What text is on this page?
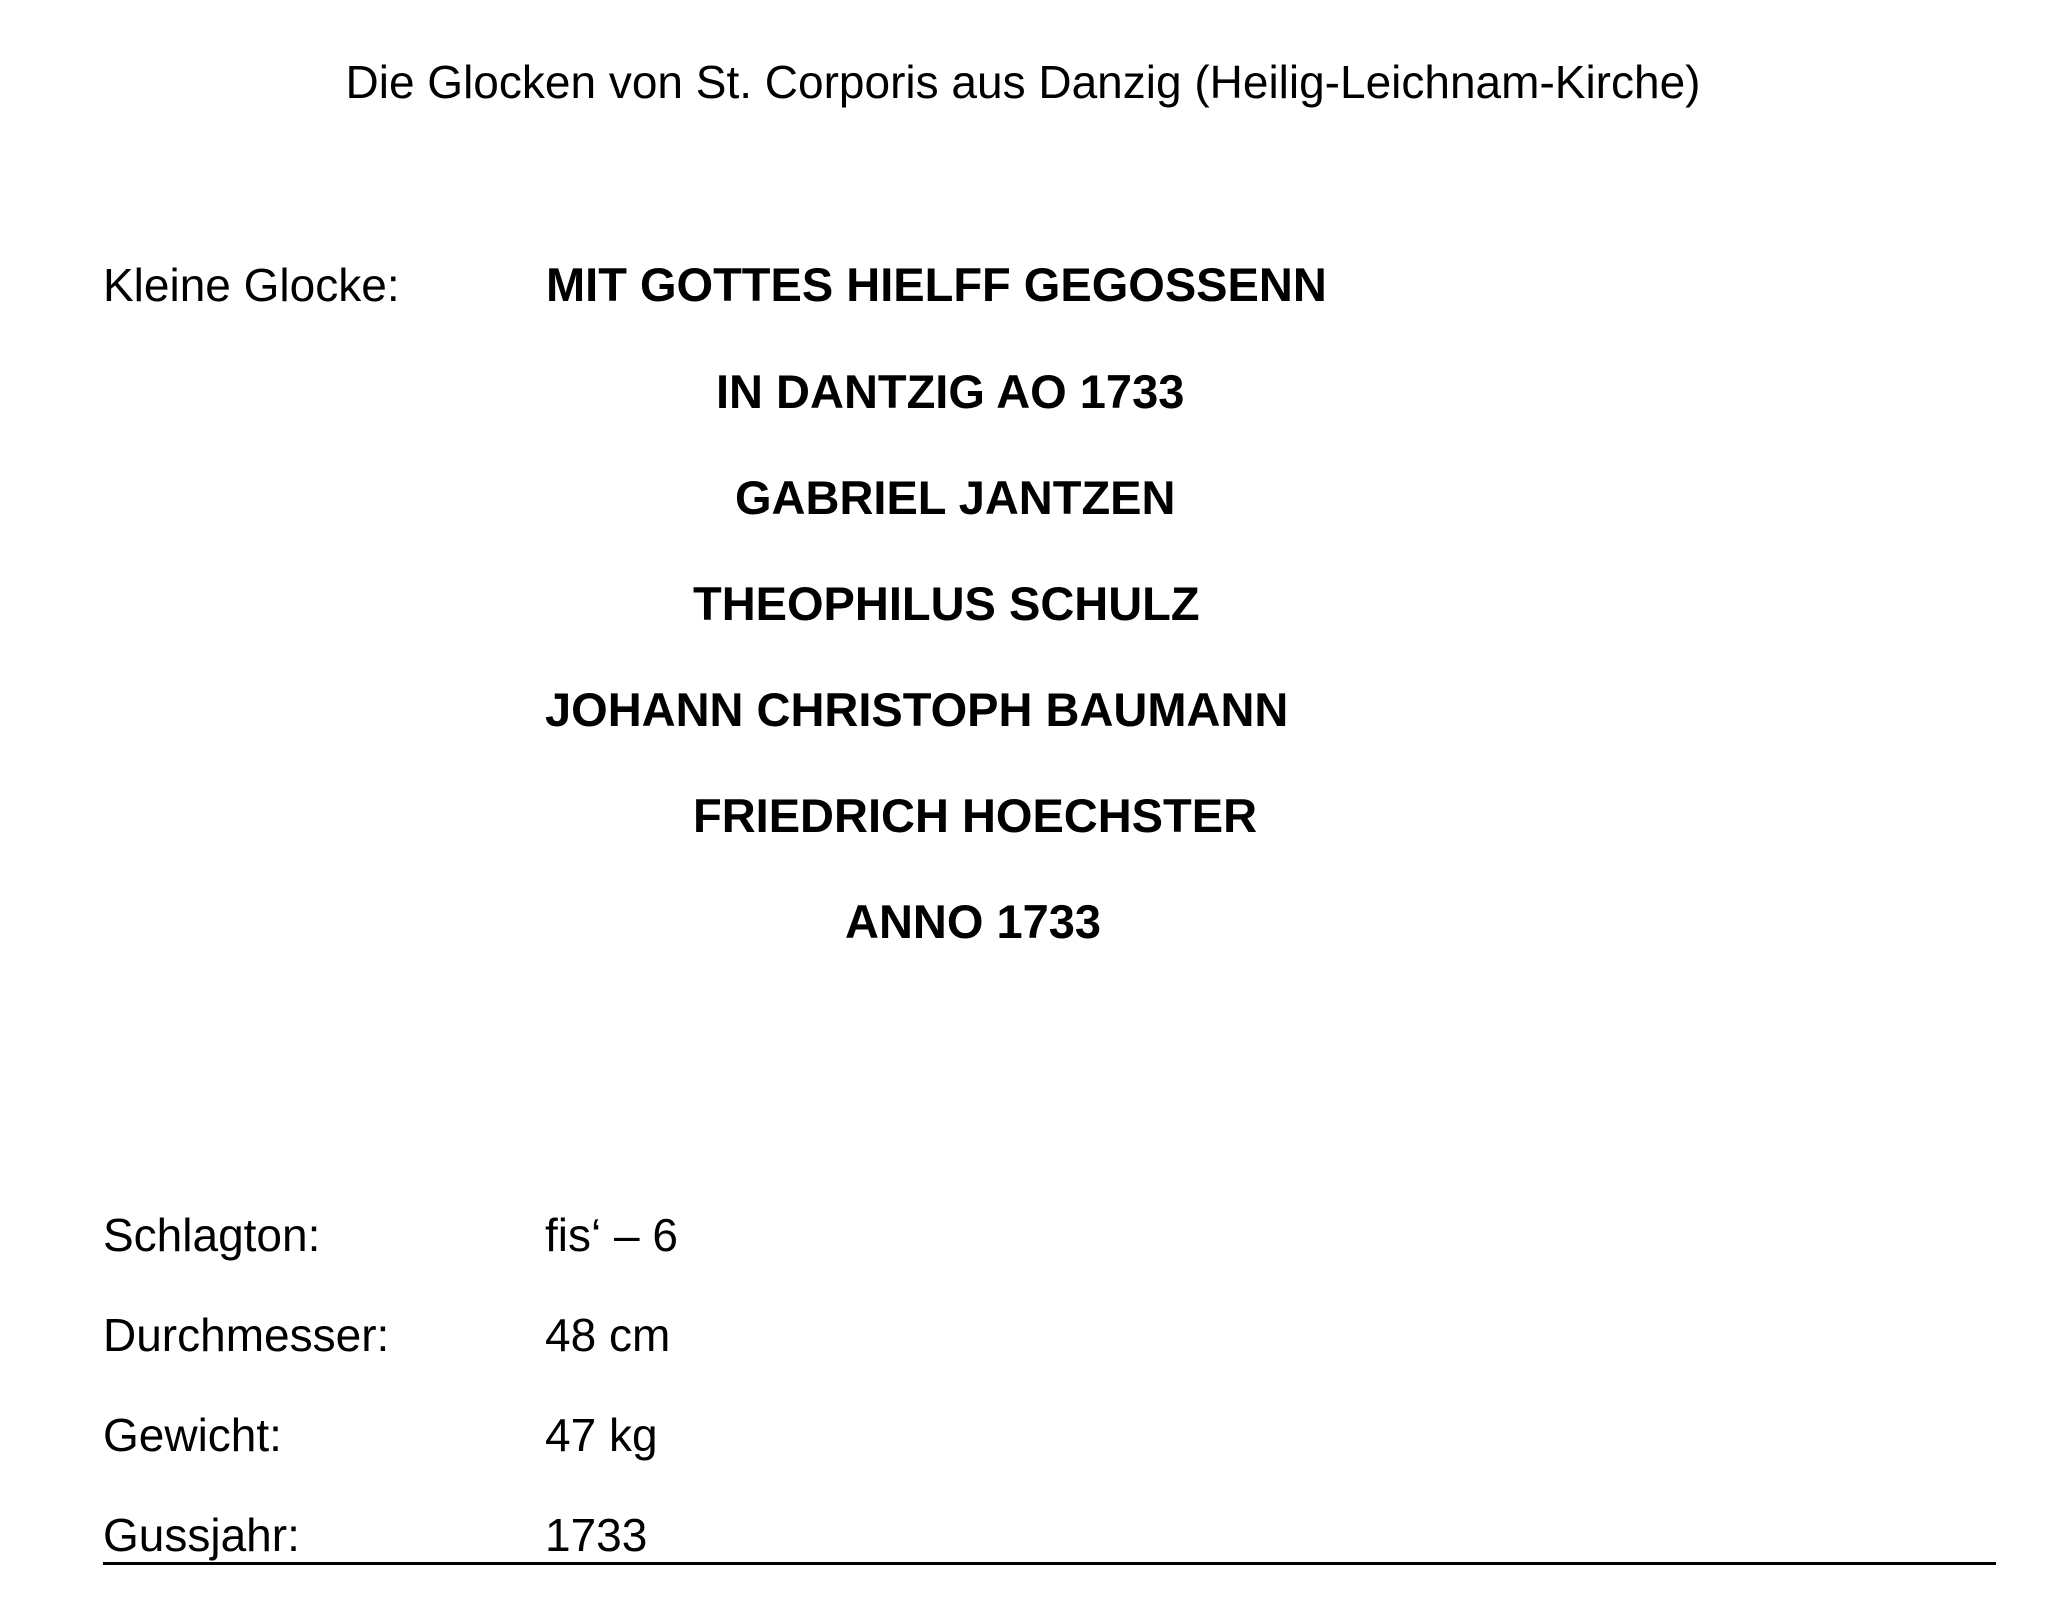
Die Glocken von St. Corporis aus Danzig (Heilig-Leichnam-Kirche)
Kleine Glocke:	MIT GOTTES HIELFF GEGOSSENN
IN DANTZIG AO 1733
GABRIEL JANTZEN
THEOPHILUS SCHULZ
JOHANN CHRISTOPH BAUMANN
FRIEDRICH HOECHSTER
ANNO 1733
Schlagton:	fis‘ – 6
Durchmesser:	48 cm
Gewicht:	47 kg
Gussjahr:	1733
